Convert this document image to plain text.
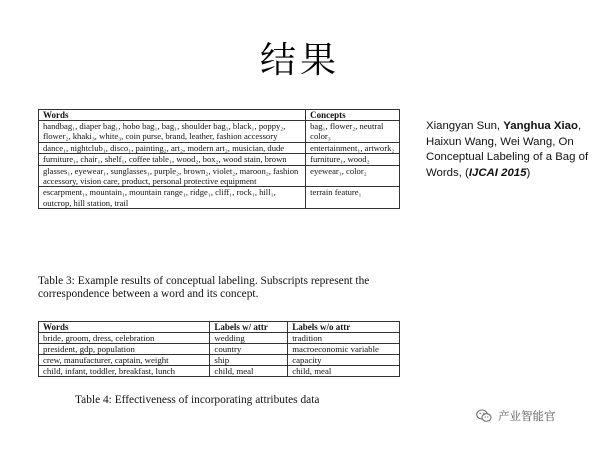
结果
Words	Concepts
handbag₁, diaper bag₁, hobo bag₁, bag₁, shoulder bag₁, black₁, poppy₂, flower₂, khaki₃, white₃, coin purse, brand, leather, fashion accessory	bag₁, flower₂, neutral color₃
dance₁, nightclub₁, disco₁, painting₂, art₂, modern art₂, musician, dude	entertainment₁, artwork₂
furniture₁, chair₁, shelf₁, coffee table₁, wood₂, box₂, wood stain, brown	furniture₁, wood₂
glasses₁, eyewear₁, sunglasses₁, purple₂, brown₂, violet₂, maroon₂, fashion accessory, vision care, product, personal protective equipment	eyewear₁, color₂
escarpment₁, mountain₁, mountain range₁, ridge₁, cliff₁, rock₁, hill₁, outcrop, hill station, trail	terrain feature₁
Table 3: Example results of conceptual labeling. Subscripts represent the correspondence between a word and its concept.
Words	Labels w/ attr	Labels w/o attr
bride, groom, dress, celebration	wedding	tradition
president, gdp, population	country	macroeconomic variable
crew, manufacturer, captain, weight	ship	capacity
child, infant, toddler, breakfast, lunch	child, meal	child, meal
Table 4: Effectiveness of incorporating attributes data
Xiangyan Sun, Yanghua Xiao, Haixun Wang, Wei Wang, On Conceptual Labeling of a Bag of Words, (IJCAI 2015)
产业智能官
